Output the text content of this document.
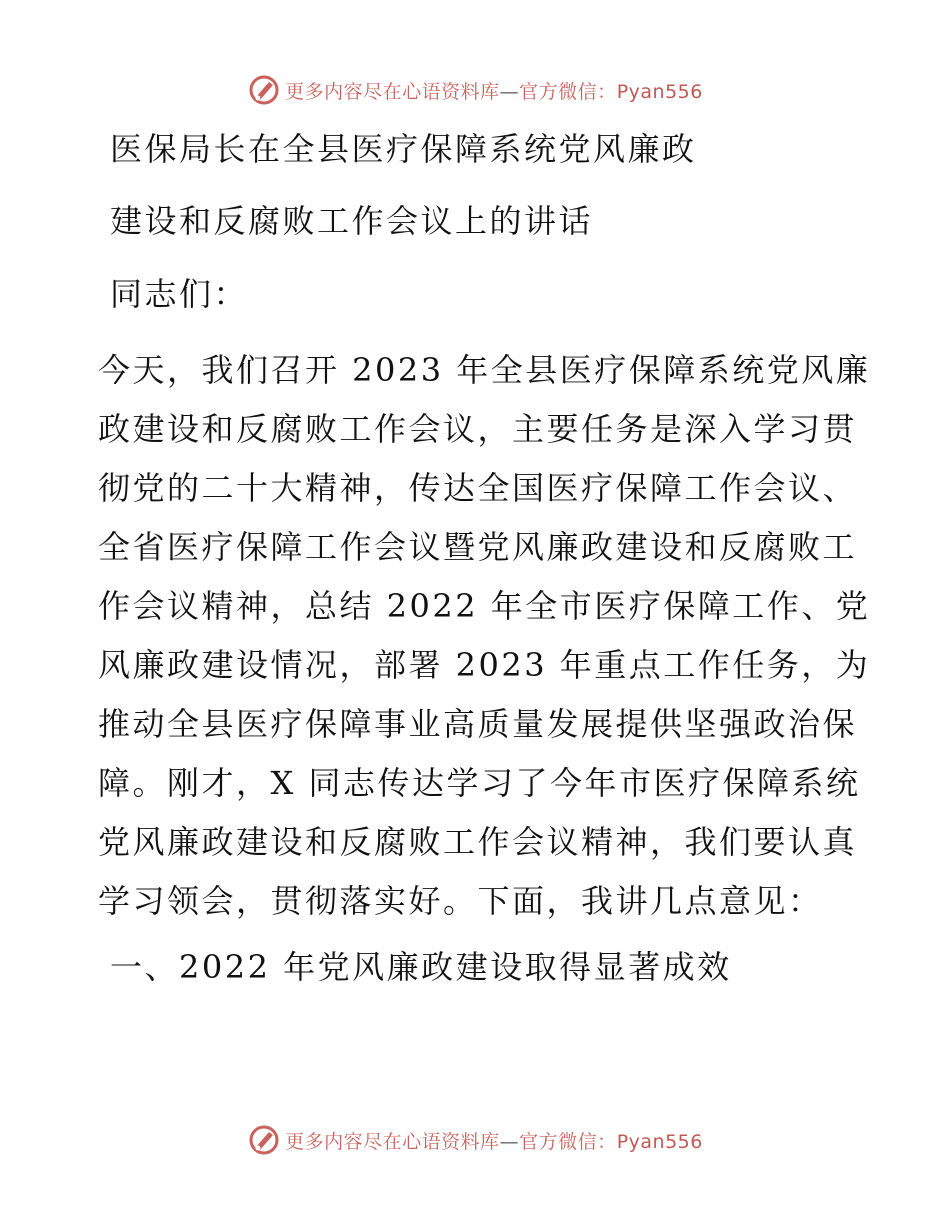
更多内容尽在心语资料库—官方微信：Pyan556
医保局长在全县医疗保障系统党风廉政
建设和反腐败工作会议上的讲话
同志们：
今天，我们召开 2023 年全县医疗保障系统党风廉
政建设和反腐败工作会议，主要任务是深入学习贯
彻党的二十大精神，传达全国医疗保障工作会议、
全省医疗保障工作会议暨党风廉政建设和反腐败工
作会议精神，总结 2022 年全市医疗保障工作、党
风廉政建设情况，部署 2023 年重点工作任务，为
推动全县医疗保障事业高质量发展提供坚强政治保
障。刚才，X 同志传达学习了今年市医疗保障系统
党风廉政建设和反腐败工作会议精神，我们要认真
学习领会，贯彻落实好。下面，我讲几点意见：
一、2022 年党风廉政建设取得显著成效
更多内容尽在心语资料库—官方微信：Pyan556
